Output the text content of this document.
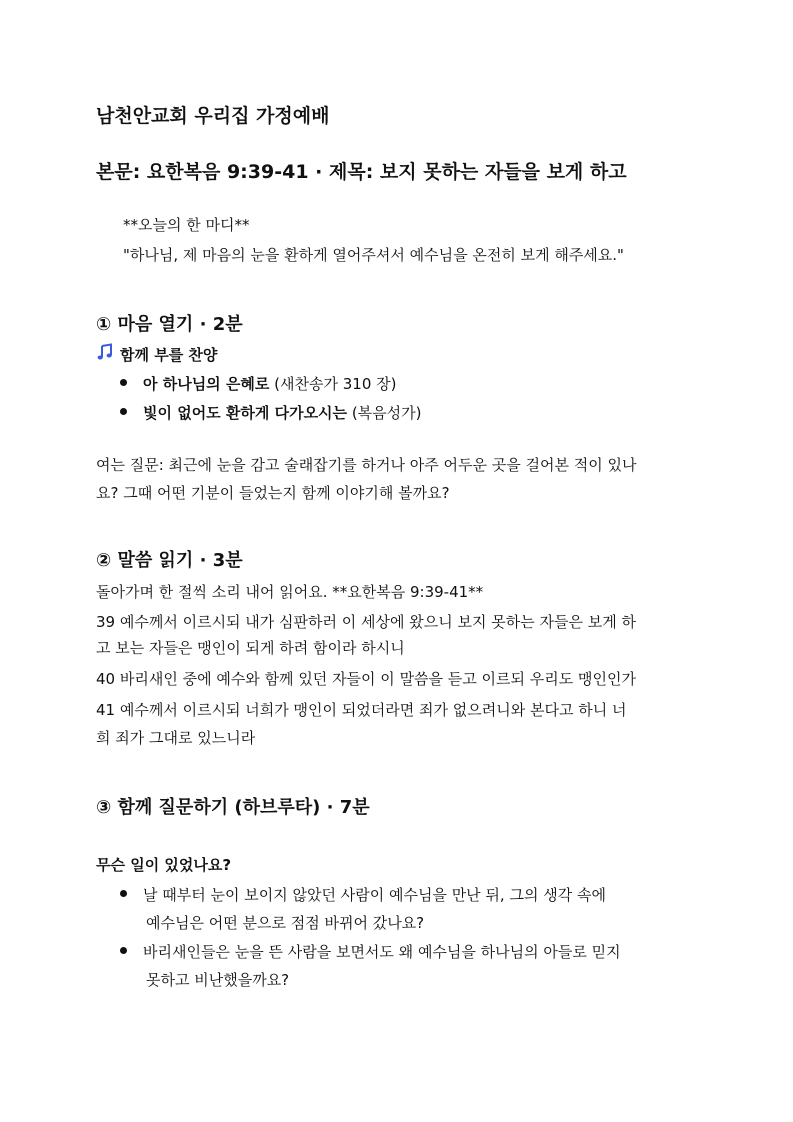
남천안교회 우리집 가정예배
본문: 요한복음 9:39-41 · 제목: 보지 못하는 자들을 보게 하고
**오늘의 한 마디**
"하나님, 제 마음의 눈을 환하게 열어주셔서 예수님을 온전히 보게 해주세요."
① 마음 열기 · 2분
함께 부를 찬양
아 하나님의 은혜로 (새찬송가 310 장)
빛이 없어도 환하게 다가오시는 (복음성가)
여는 질문: 최근에 눈을 감고 술래잡기를 하거나 아주 어두운 곳을 걸어본 적이 있나
요? 그때 어떤 기분이 들었는지 함께 이야기해 볼까요?
② 말씀 읽기 · 3분
돌아가며 한 절씩 소리 내어 읽어요. **요한복음 9:39-41**
39 예수께서 이르시되 내가 심판하러 이 세상에 왔으니 보지 못하는 자들은 보게 하
고 보는 자들은 맹인이 되게 하려 함이라 하시니
40 바리새인 중에 예수와 함께 있던 자들이 이 말씀을 듣고 이르되 우리도 맹인인가
41 예수께서 이르시되 너희가 맹인이 되었더라면 죄가 없으려니와 본다고 하니 너
희 죄가 그대로 있느니라
③ 함께 질문하기 (하브루타) · 7분
무슨 일이 있었나요?
날 때부터 눈이 보이지 않았던 사람이 예수님을 만난 뒤, 그의 생각 속에
예수님은 어떤 분으로 점점 바뀌어 갔나요?
바리새인들은 눈을 뜬 사람을 보면서도 왜 예수님을 하나님의 아들로 믿지
못하고 비난했을까요?
